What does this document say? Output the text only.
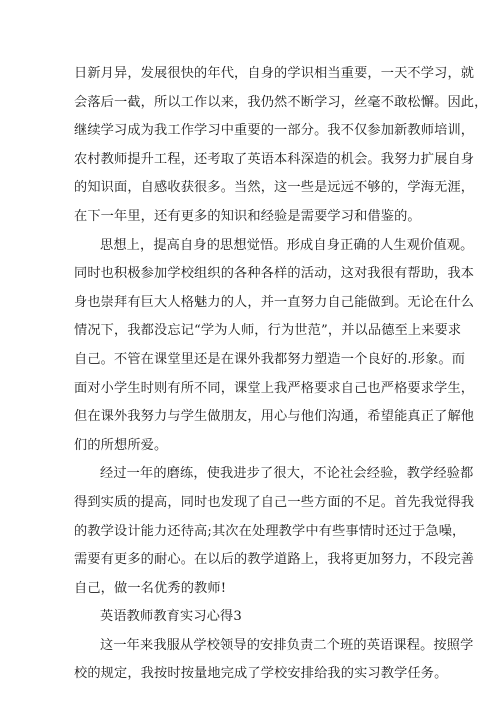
日新月异，发展很快的年代，自身的学识相当重要，一天不学习，就
会落后一截，所以工作以来，我仍然不断学习，丝毫不敢松懈。因此，
继续学习成为我工作学习中重要的一部分。我不仅参加新教师培训，
农村教师提升工程，还考取了英语本科深造的机会。我努力扩展自身
的知识面，自感收获很多。当然，这一些是远远不够的，学海无涯，
在下一年里，还有更多的知识和经验是需要学习和借鉴的。
思想上，提高自身的思想觉悟。形成自身正确的人生观价值观。
同时也积极参加学校组织的各种各样的活动，这对我很有帮助，我本
身也崇拜有巨大人格魅力的人，并一直努力自己能做到。无论在什么
情况下，我都没忘记“学为人师，行为世范”，并以品德至上来要求
自己。不管在课堂里还是在课外我都努力塑造一个良好的.形象。而
面对小学生时则有所不同，课堂上我严格要求自己也严格要求学生，
但在课外我努力与学生做朋友，用心与他们沟通，希望能真正了解他
们的所想所爱。
经过一年的磨练，使我进步了很大，不论社会经验，教学经验都
得到实质的提高，同时也发现了自己一些方面的不足。首先我觉得我
的教学设计能力还待高;其次在处理教学中有些事情时还过于急噪，
需要有更多的耐心。在以后的教学道路上，我将更加努力，不段完善
自己，做一名优秀的教师!
英语教师教育实习心得3
这一年来我服从学校领导的安排负责二个班的英语课程。按照学
校的规定，我按时按量地完成了学校安排给我的实习教学任务。
